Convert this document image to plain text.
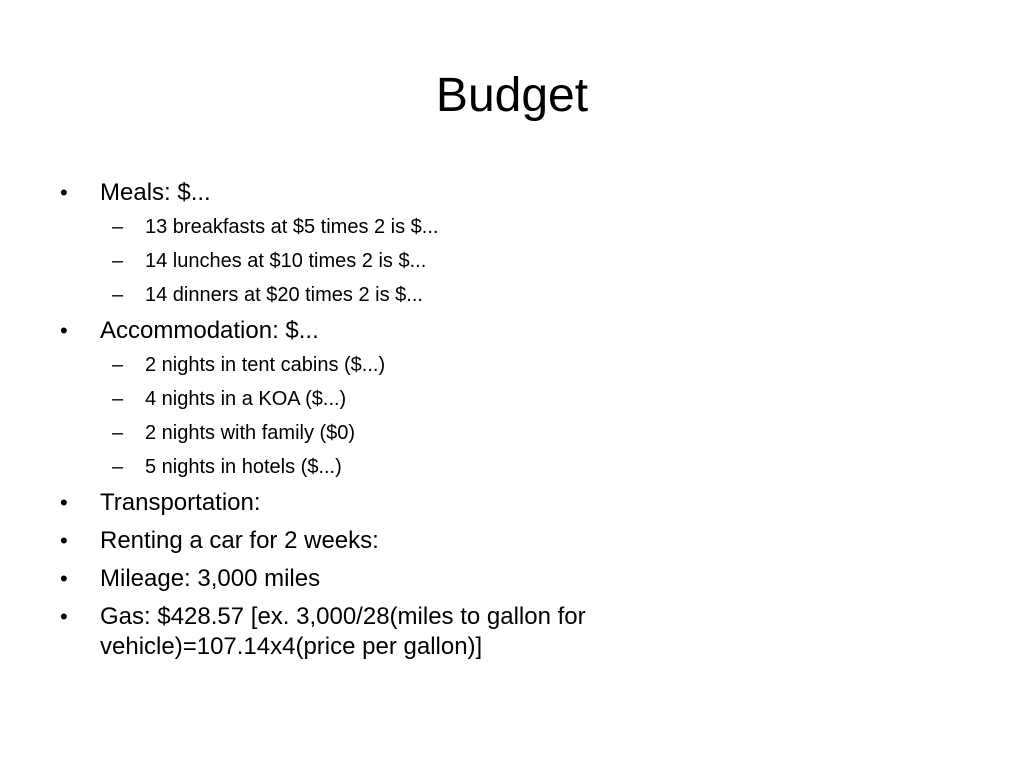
Budget
•	Meals: $...
–	13 breakfasts at $5 times 2 is $...
–	14 lunches at $10 times 2 is $...
–	14 dinners at $20 times 2 is $...
•	Accommodation: $...
–	2 nights in tent cabins ($...)
–	4 nights in a KOA ($...)
–	2 nights with family ($0)
–	5 nights in hotels ($...)
•	Transportation:
•	Renting a car for 2 weeks:
•	Mileage: 3,000 miles
•	Gas: $428.57 [ex. 3,000/28(miles to gallon for vehicle)=107.14x4(price per gallon)]
